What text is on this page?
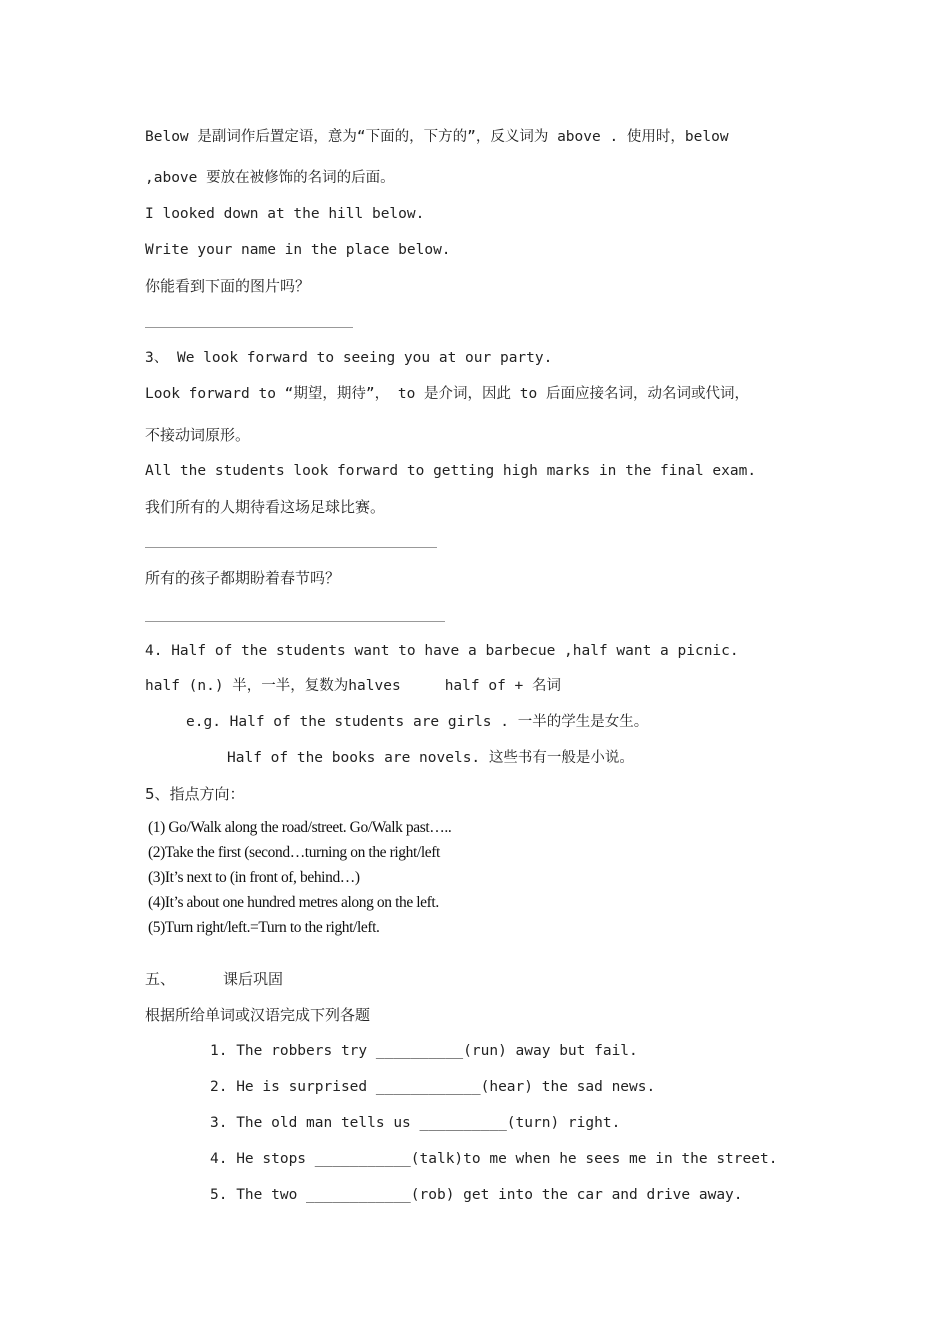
Below 是副词作后置定语，意为“下面的，下方的”，反义词为 above . 使用时，below
,above 要放在被修饰的名词的后面。
I looked down at the hill below.
Write your name in the place below.
你能看到下面的图片吗？
3、 We look forward to seeing you at our party.
Look forward to “期望，期待”， to 是介词，因此 to 后面应接名词，动名词或代词，
不接动词原形。
All the students look forward to getting high marks in the final exam.
我们所有的人期待看这场足球比赛。
所有的孩子都期盼着春节吗？
4. Half of the students want to have a barbecue ,half want a picnic.
half (n.) 半，一半，复数为halves	half of + 名词
e.g. Half of the students are girls . 一半的学生是女生。
Half of the books are novels. 这些书有一般是小说。
5、指点方向：
(1) Go/Walk along the road/street. Go/Walk past…..
(2)Take the first (second…turning on the right/left
(3)It’s next to (in front of, behind…)
(4)It’s about one hundred metres along on the left.
(5)Turn right/left.=Turn to the right/left.
五、	课后巩固
根据所给单词或汉语完成下列各题
1. The robbers try __________(run) away but fail.
2. He is surprised ____________(hear) the sad news.
3. The old man tells us __________(turn) right.
4. He stops ___________(talk)to me when he sees me in the street.
5. The two ____________(rob) get into the car and drive away.
